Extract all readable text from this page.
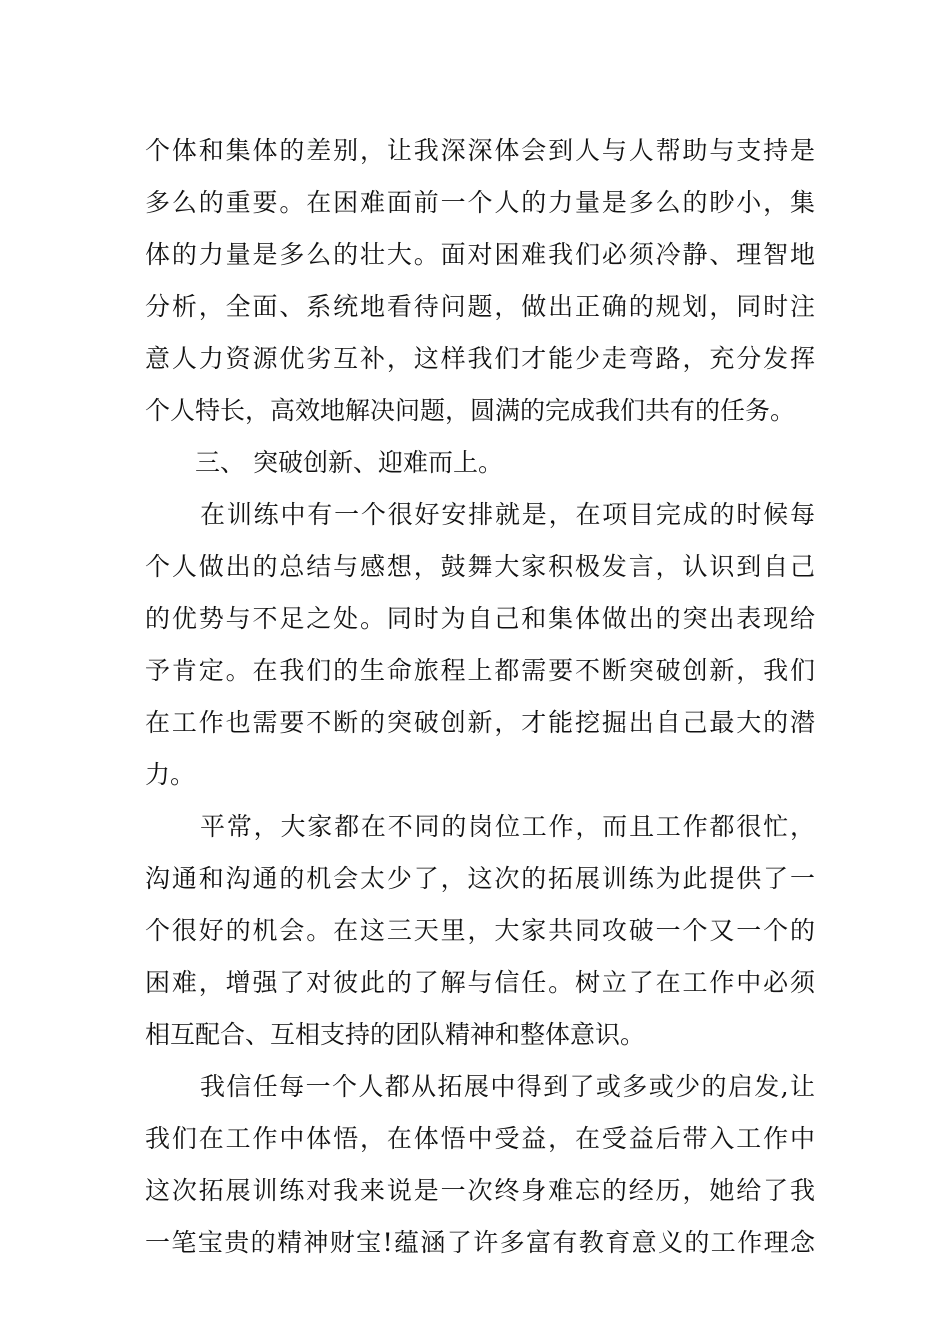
个体和集体的差别，让我深深体会到人与人帮助与支持是
多么的重要。在困难面前一个人的力量是多么的眇小，集
体的力量是多么的壮大。面对困难我们必须冷静、理智地
分析，全面、系统地看待问题，做出正确的规划，同时注
意人力资源优劣互补，这样我们才能少走弯路，充分发挥
个人特长，高效地解决问题，圆满的完成我们共有的任务。
三、 突破创新、迎难而上。
在训练中有一个很好安排就是，在项目完成的时候每
个人做出的总结与感想，鼓舞大家积极发言，认识到自己
的优势与不足之处。同时为自己和集体做出的突出表现给
予肯定。在我们的生命旅程上都需要不断突破创新，我们
在工作也需要不断的突破创新，才能挖掘出自己最大的潜
力。
平常，大家都在不同的岗位工作，而且工作都很忙，
沟通和沟通的机会太少了，这次的拓展训练为此提供了一
个很好的机会。在这三天里，大家共同攻破一个又一个的
困难，增强了对彼此的了解与信任。树立了在工作中必须
相互配合、互相支持的团队精神和整体意识。
我信任每一个人都从拓展中得到了或多或少的启发,让
我们在工作中体悟，在体悟中受益，在受益后带入工作中
这次拓展训练对我来说是一次终身难忘的经历，她给了我
一笔宝贵的精神财宝!蕴涵了许多富有教育意义的工作理念
